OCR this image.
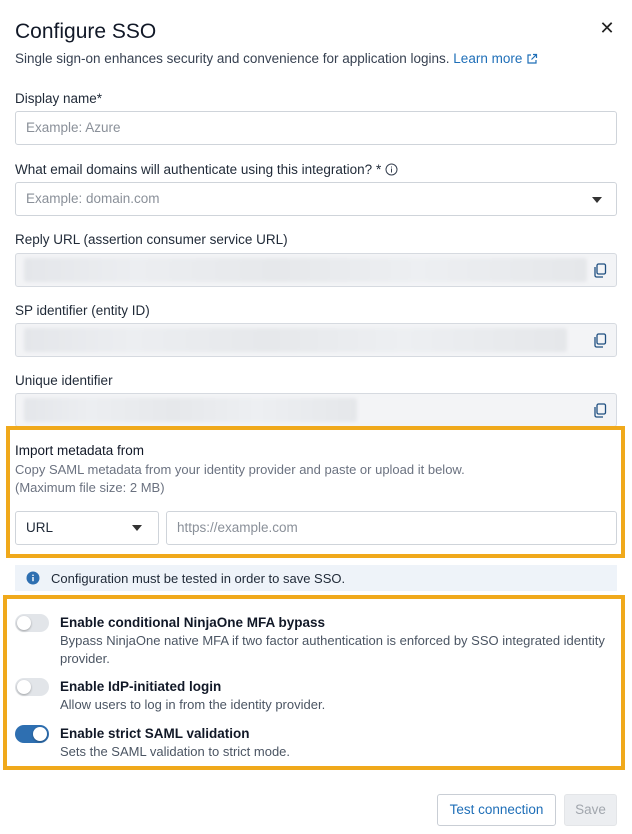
Configure SSO	✕
Single sign-on enhances security and convenience for application logins. Learn more
Display name*
Example: Azure
What email domains will authenticate using this integration? *
Example: domain.com
Reply URL (assertion consumer service URL)
SP identifier (entity ID)
Unique identifier
Import metadata from
Copy SAML metadata from your identity provider and paste or upload it below.
(Maximum file size: 2 MB)
URL	https://example.com
Configuration must be tested in order to save SSO.
Enable conditional NinjaOne MFA bypass
Bypass NinjaOne native MFA if two factor authentication is enforced by SSO integrated identity provider.
Enable IdP-initiated login
Allow users to log in from the identity provider.
Enable strict SAML validation
Sets the SAML validation to strict mode.
Test connection	Save
